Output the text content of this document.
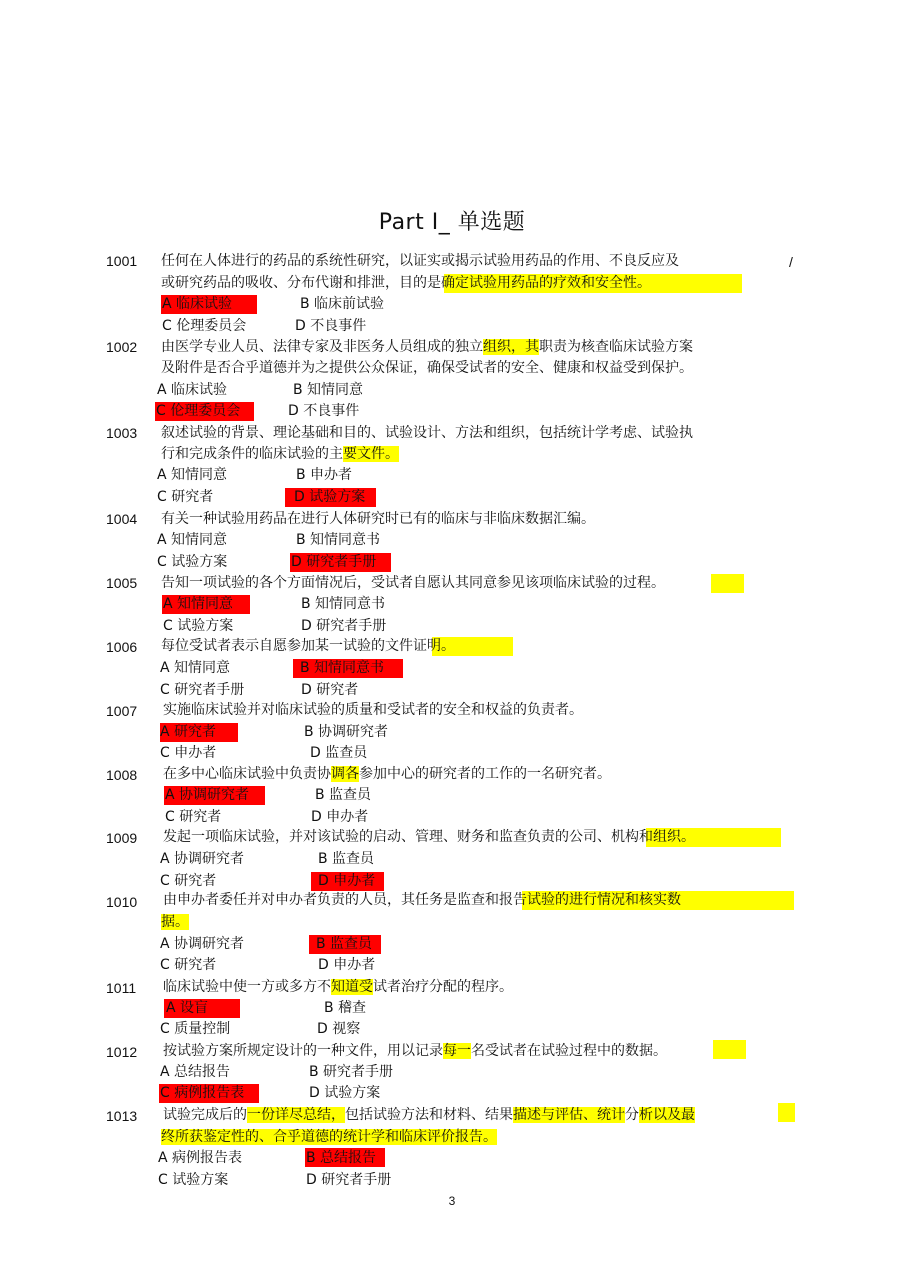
Part I_ 单选题
/
1001 任何在人体进行的药品的系统性研究，以证实或揭示试验用药品的作用、不良反应及
或研究药品的吸收、分布代谢和排泄，目的是确定试验用药品的疗效和安全性。
A 临床试验	B 临床前试验
C 伦理委员会	D 不良事件
1002 由医学专业人员、法律专家及非医务人员组成的独立组织，其职责为核查临床试验方案
及附件是否合乎道德并为之提供公众保证，确保受试者的安全、健康和权益受到保护。
A 临床试验	B 知情同意
C 伦理委员会	D 不良事件
1003 叙述试验的背景、理论基础和目的、试验设计、方法和组织，包括统计学考虑、试验执
行和完成条件的临床试验的主要文件。
A 知情同意	B 申办者
C 研究者	D 试验方案
1004 有关一种试验用药品在进行人体研究时已有的临床与非临床数据汇编。
A 知情同意	B 知情同意书
C 试验方案	D 研究者手册
1005 告知一项试验的各个方面情况后，受试者自愿认其同意参见该项临床试验的过程。
A 知情同意	B 知情同意书
C 试验方案	D 研究者手册
1006 每位受试者表示自愿参加某一试验的文件证明。
A 知情同意	B 知情同意书
C 研究者手册	D 研究者
1007 实施临床试验并对临床试验的质量和受试者的安全和权益的负责者。
A 研究者	B 协调研究者
C 申办者	D 监查员
1008 在多中心临床试验中负责协调各参加中心的研究者的工作的一名研究者。
A 协调研究者	B 监查员
C 研究者	D 申办者
1009 发起一项临床试验，并对该试验的启动、管理、财务和监查负责的公司、机构和组织。
A 协调研究者	B 监查员
C 研究者	D 申办者
1010 由申办者委任并对申办者负责的人员，其任务是监查和报告试验的进行情况和核实数
据。
A 协调研究者	B 监查员
C 研究者	D 申办者
1011 临床试验中使一方或多方不知道受试者治疗分配的程序。
A 设盲	B 稽查
C 质量控制	D 视察
1012 按试验方案所规定设计的一种文件，用以记录每一名受试者在试验过程中的数据。
A 总结报告	B 研究者手册
C 病例报告表	D 试验方案
1013 试验完成后的一份详尽总结，包括试验方法和材料、结果描述与评估、统计分析以及最
终所获鉴定性的、合乎道德的统计学和临床评价报告。
A 病例报告表	B 总结报告
C 试验方案	D 研究者手册
3
